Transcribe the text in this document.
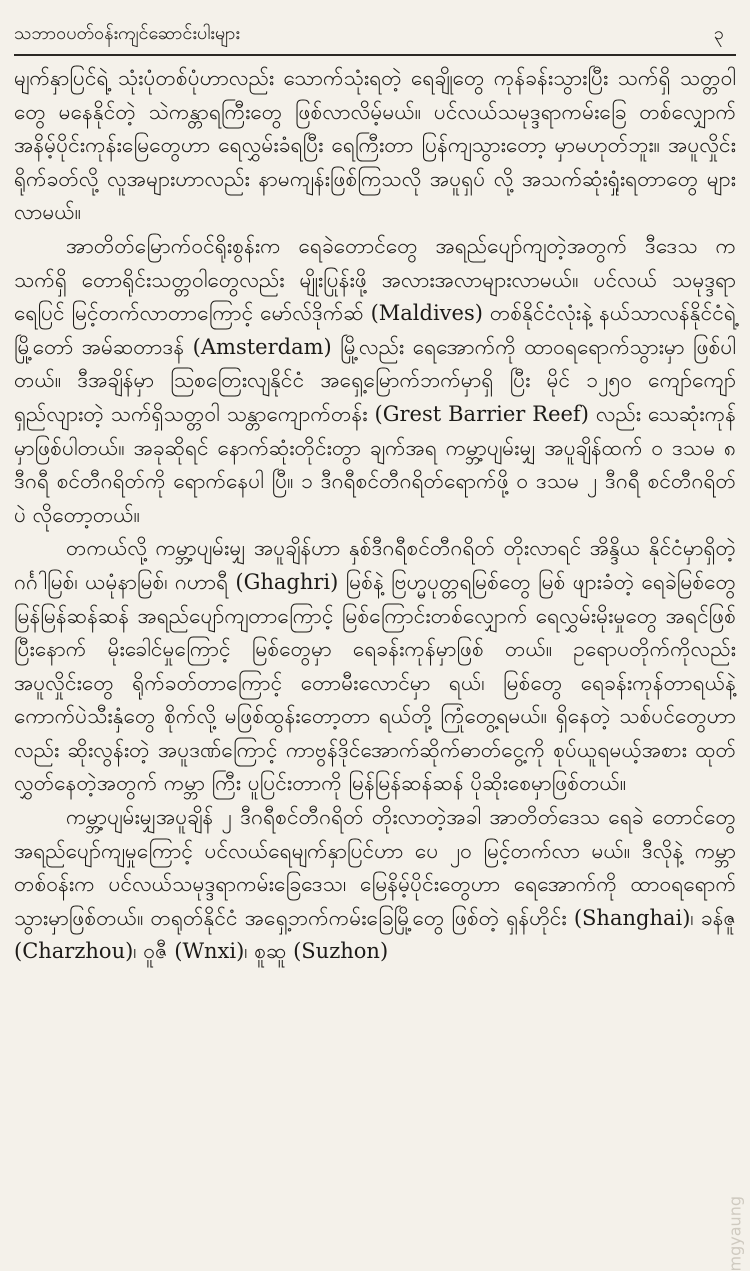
သဘာဝပတ်ဝန်းကျင်ဆောင်းပါးများ	၃

မျက်နှာပြင်ရဲ့ သုံးပုံတစ်ပုံဟာလည်း သောက်သုံးရတဲ့ ရေချိုတွေ ကုန်ခန်းသွားပြီး သက်ရှိ သတ္တဝါတွေ မနေနိုင်တဲ့ သဲကန္တာရကြီးတွေ ဖြစ်လာလိမ့်မယ်။ ပင်လယ်သမုဒ္ဒရာကမ်းခြေ တစ်လျှောက် အနိမ့်ပိုင်းကုန်းမြေတွေဟာ ရေလွှမ်းခံရပြီး ရေကြီးတာ ပြန်ကျသွားတော့ မှာမဟုတ်ဘူး။ အပူလှိုင်းရိုက်ခတ်လို့ လူအများဟာလည်း နာမကျန်းဖြစ်ကြသလို အပူရှပ် လို့ အသက်ဆုံးရှုံးရတာတွေ များလာမယ်။

အာတိတ်မြောက်ဝင်ရိုးစွန်းက ရေခဲတောင်တွေ အရည်ပျော်ကျတဲ့အတွက် ဒီဒေသ က သက်ရှိ တောရိုင်းသတ္တဝါတွေလည်း မျိုးပြုန်းဖို့ အလားအလာများလာမယ်။ ပင်လယ် သမုဒ္ဒရာရေပြင် မြင့်တက်လာတာကြောင့် မော်လ်ဒိုက်ဆ် (Maldives) တစ်နိုင်ငံလုံးနဲ့ နယ်သာလန်နိုင်ငံရဲ့ မြို့တော် အမ်ဆတာဒန် (Amsterdam) မြို့လည်း ရေအောက်ကို ထာဝရရောက်သွားမှာ ဖြစ်ပါတယ်။ ဒီအချိန်မှာ ဩစတြေးလျနိုင်ငံ အရှေ့မြောက်ဘက်မှာရှိ ပြီး မိုင် ၁၂၅၀ ကျော်ကျော် ရှည်လျားတဲ့ သက်ရှိသတ္တဝါ သန္တာကျောက်တန်း (Grest Barrier Reef) လည်း သေဆုံးကုန်မှာဖြစ်ပါတယ်။ အခုဆိုရင် နောက်ဆုံးတိုင်းတွာ ချက်အရ ကမ္ဘာ့ပျမ်းမျှ အပူချိန်ထက် ၀ ဒသမ ၈ ဒီဂရီ စင်တီဂရိတ်ကို ရောက်နေပါ ပြီ။ ၁ ဒီဂရီစင်တီဂရိတ်ရောက်ဖို့ ၀ ဒသမ ၂ ဒီဂရီ စင်တီဂရိတ်ပဲ လိုတော့တယ်။

တကယ်လို့ ကမ္ဘာ့ပျမ်းမျှ အပူချိန်ဟာ နှစ်ဒီဂရီစင်တီဂရိတ် တိုးလာရင် အိန္ဒိယ နိုင်ငံမှာရှိတဲ့ ဂင်္ဂါမြစ်၊ ယမုံနာမြစ်၊ ဂဟာရီ (Ghaghri) မြစ်နဲ့ ဗြဟ္မပုတ္တရမြစ်တွေ မြစ် ဖျားခံတဲ့ ရေခဲမြစ်တွေ မြန်မြန်ဆန်ဆန် အရည်ပျော်ကျတာကြောင့် မြစ်ကြောင်းတစ်လျှောက် ရေလွှမ်းမိုးမှုတွေ အရင်ဖြစ်ပြီးနောက် မိုးခေါင်မှုကြောင့် မြစ်တွေမှာ ရေခန်းကုန်မှာဖြစ် တယ်။ ဥရောပတိုက်ကိုလည်း အပူလှိုင်းတွေ ရိုက်ခတ်တာကြောင့် တောမီးလောင်မှာ ရယ်၊ မြစ်တွေ ရေခန်းကုန်တာရယ်နဲ့ ကောက်ပဲသီးနှံတွေ စိုက်လို့ မဖြစ်ထွန်းတော့တာ ရယ်တို့ ကြုံတွေ့ရမယ်။ ရှိနေတဲ့ သစ်ပင်တွေဟာလည်း ဆိုးလွန်းတဲ့ အပူဒဏ်ကြောင့် ကာဗွန်ဒိုင်အောက်ဆိုက်ဓာတ်ငွေ့ကို စုပ်ယူရမယ့်အစား ထုတ်လွှတ်နေတဲ့အတွက် ကမ္ဘာ ကြီး ပူပြင်းတာကို မြန်မြန်ဆန်ဆန် ပိုဆိုးစေမှာဖြစ်တယ်။

ကမ္ဘာ့ပျမ်းမျှအပူချိန် ၂ ဒီဂရီစင်တီဂရိတ် တိုးလာတဲ့အခါ အာတိတ်ဒေသ ရေခဲ တောင်တွေ အရည်ပျော်ကျမှုကြောင့် ပင်လယ်ရေမျက်နှာပြင်ဟာ ပေ ၂၀ မြင့်တက်လာ မယ်။ ဒီလိုနဲ့ ကမ္ဘာတစ်ဝန်းက ပင်လယ်သမုဒ္ဒရာကမ်းခြေဒေသ၊ မြေနိမ့်ပိုင်းတွေဟာ ရေအောက်ကို ထာဝရရောက်သွားမှာဖြစ်တယ်။ တရုတ်နိုင်ငံ အရှေ့ဘက်ကမ်းခြေမြို့တွေ ဖြစ်တဲ့ ရှန်ဟိုင်း (Shanghai)၊ ခန်ဇူ (Charzhou)၊ ဝူဇီ (Wnxi)၊ စူဆူ (Suzhon)

mgyaung
